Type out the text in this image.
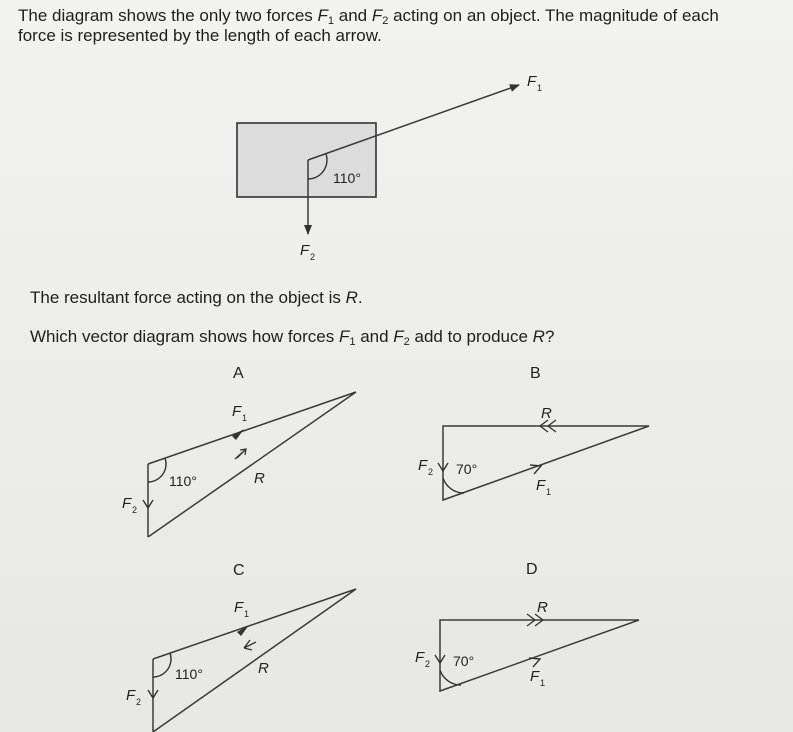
The diagram shows the only two forces $F_1$ and $F_2$ acting on an object. The magnitude of each
force is represented by the length of each arrow.
The resultant force acting on the object is R.
Which vector diagram shows how forces $F_1$ and $F_2$ add to produce R?
110°
F 1
F 2
A
110°
F 1
R
F 2
B
70°
R
F 2
F 1
C
110°
F 1
R
F 2
D
70°
R
F 2
F 1
